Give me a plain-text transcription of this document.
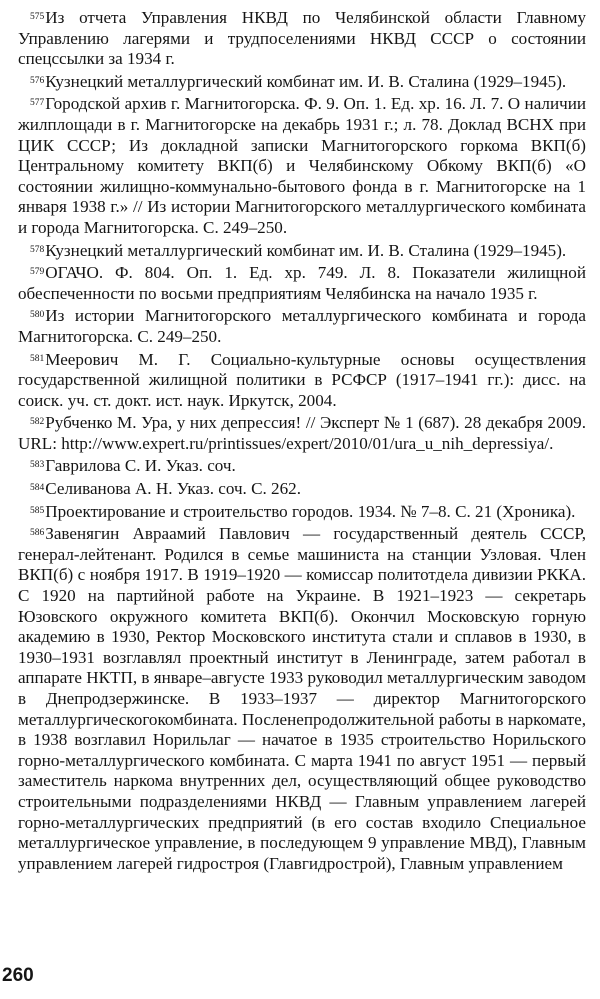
$^{575}$Из отчета Управления НКВД по Челябинской области Главному Управлению лагерями и трудпоселениями НКВД СССР о состоянии спецссылки за 1934 г.

$^{576}$Кузнецкий металлургический комбинат им. И. В. Сталина (1929–1945).

$^{577}$Городской архив г. Магнитогорска. Ф. 9. Оп. 1. Ед. хр. 16. Л. 7. О наличии жилплощади в г. Магнитогорске на декабрь 1931 г.; л. 78. Доклад ВСНХ при ЦИК СССР; Из докладной записки Магнитогорского горкома ВКП(б) Центральному комитету ВКП(б) и Челябинскому Обкому ВКП(б) «О состоянии жилищно-коммунально-бытового фонда в г. Магнитогорске на 1 января 1938 г.» // Из истории Магнитогорского металлургического комбината и города Магнитогорска. С. 249–250.

$^{578}$Кузнецкий металлургический комбинат им. И. В. Сталина (1929–1945).

$^{579}$ОГАЧО. Ф. 804. Оп. 1. Ед. хр. 749. Л. 8. Показатели жилищной обеспеченности по восьми предприятиям Челябинска на начало 1935 г.

$^{580}$Из истории Магнитогорского металлургического комбината и города Магнитогорска. С. 249–250.

$^{581}$Меерович М. Г. Социально-культурные основы осуществления государственной жилищной политики в РСФСР (1917–1941 гг.): дисс. на соиск. уч. ст. докт. ист. наук. Иркутск, 2004.

$^{582}$Рубченко М. Ура, у них депрессия! // Эксперт № 1 (687). 28 декабря 2009. URL: http://www.expert.ru/printissues/expert/2010/01/ura_u_nih_depressiya/.

$^{583}$Гаврилова С. И. Указ. соч.

$^{584}$Селиванова А. Н. Указ. соч. С. 262.

$^{585}$Проектирование и строительство городов. 1934. № 7–8. С. 21 (Хроника).

$^{586}$Завенягин Авраамий Павлович — государственный деятель СССР, генерал-лейтенант. Родился в семье машиниста на станции Узловая. Член ВКП(б) с ноября 1917. В 1919–1920 — комиссар политотдела дивизии РККА. С 1920 на партийной работе на Украине. В 1921–1923 — секретарь Юзовского окружного комитета ВКП(б). Окончил Московскую горную академию в 1930, Ректор Московского института стали и сплавов в 1930, в 1930–1931 возглавлял проектный институт в Ленинграде, затем работал в аппарате НКТП, в январе–августе 1933 руководил металлургическим заводом в Днепродзержинске. В 1933–1937 — директор Магнитогорского металлургическогокомбината. Посленепродолжительной работы в наркомате, в 1938 возглавил Норильлаг — начатое в 1935 строительство Норильского горно-металлургического комбината. С марта 1941 по август 1951 — первый заместитель наркома внутренних дел, осуществляющий общее руководство строительными подразделениями НКВД — Главным управлением лагерей горно-металлургических предприятий (в его состав входило Специальное металлургическое управление, в последующем 9 управление МВД), Главным управлением лагерей гидростроя (Главгидрострой), Главным управлением

260
